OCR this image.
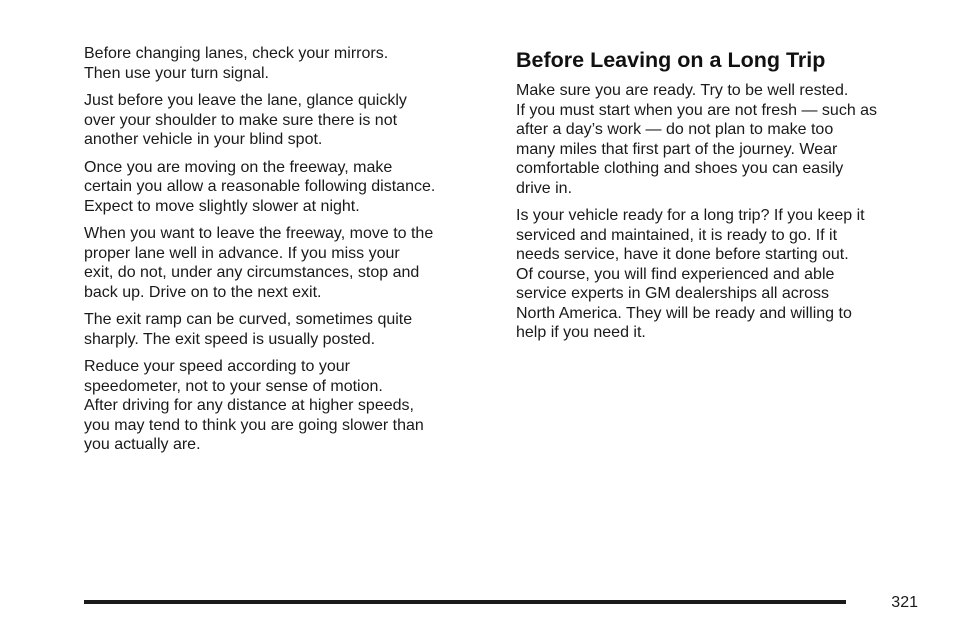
Before changing lanes, check your mirrors.
Then use your turn signal.

Just before you leave the lane, glance quickly
over your shoulder to make sure there is not
another vehicle in your blind spot.

Once you are moving on the freeway, make
certain you allow a reasonable following distance.
Expect to move slightly slower at night.

When you want to leave the freeway, move to the
proper lane well in advance. If you miss your
exit, do not, under any circumstances, stop and
back up. Drive on to the next exit.

The exit ramp can be curved, sometimes quite
sharply. The exit speed is usually posted.

Reduce your speed according to your
speedometer, not to your sense of motion.
After driving for any distance at higher speeds,
you may tend to think you are going slower than
you actually are.

Before Leaving on a Long Trip

Make sure you are ready. Try to be well rested.
If you must start when you are not fresh — such as
after a day’s work — do not plan to make too
many miles that first part of the journey. Wear
comfortable clothing and shoes you can easily
drive in.

Is your vehicle ready for a long trip? If you keep it
serviced and maintained, it is ready to go. If it
needs service, have it done before starting out.
Of course, you will find experienced and able
service experts in GM dealerships all across
North America. They will be ready and willing to
help if you need it.

321
